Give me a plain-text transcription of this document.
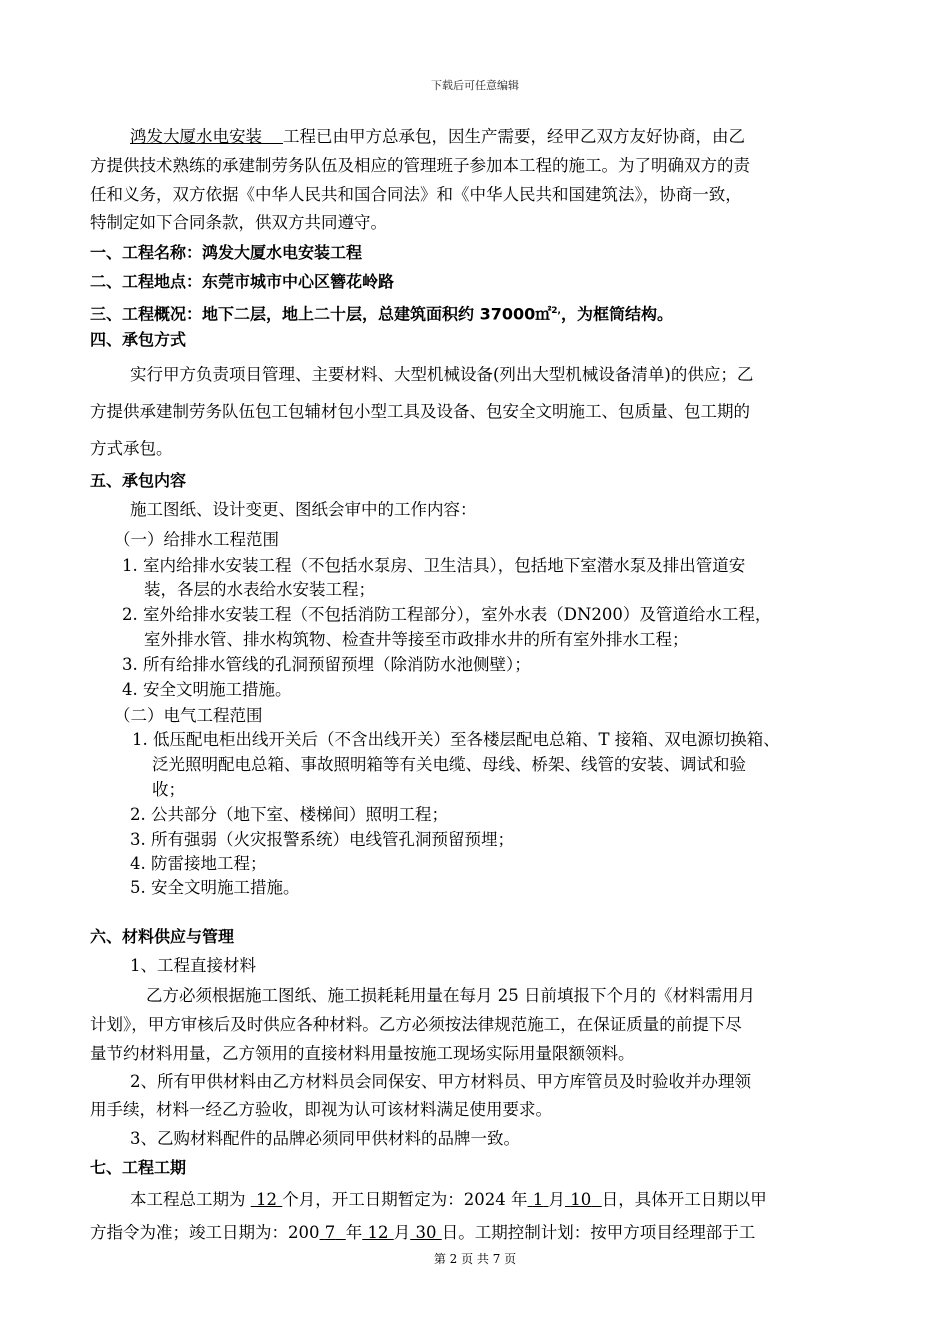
下载后可任意编辑
鸿发大厦水电安装 工程已由甲方总承包，因生产需要，经甲乙双方友好协商，由乙
方提供技术熟练的承建制劳务队伍及相应的管理班子参加本工程的施工。为了明确双方的责
任和义务，双方依据《中华人民共和国合同法》和《中华人民共和国建筑法》，协商一致，
特制定如下合同条款，供双方共同遵守。
一、工程名称：鸿发大厦水电安装工程
二、工程地点：东莞市城市中心区簪花岭路
三、工程概况：地下二层，地上二十层，总建筑面积约 37000㎡$^{2,}$，为框筒结构。
四、承包方式
实行甲方负责项目管理、主要材料、大型机械设备(列出大型机械设备清单)的供应；乙
方提供承建制劳务队伍包工包辅材包小型工具及设备、包安全文明施工、包质量、包工期的
方式承包。
五、承包内容
施工图纸、设计变更、图纸会审中的工作内容：
（一）给排水工程范围
1. 室内给排水安装工程（不包括水泵房、卫生洁具），包括地下室潜水泵及排出管道安
装，各层的水表给水安装工程；
2. 室外给排水安装工程（不包括消防工程部分），室外水表（DN200）及管道给水工程，
室外排水管、排水构筑物、检查井等接至市政排水井的所有室外排水工程；
3. 所有给排水管线的孔洞预留预埋（除消防水池侧壁）；
4. 安全文明施工措施。
（二）电气工程范围
1. 低压配电柜出线开关后（不含出线开关）至各楼层配电总箱、T 接箱、双电源切换箱、
泛光照明配电总箱、事故照明箱等有关电缆、母线、桥架、线管的安装、调试和验
收；
2. 公共部分（地下室、楼梯间）照明工程；
3. 所有强弱（火灾报警系统）电线管孔洞预留预埋；
4. 防雷接地工程；
5. 安全文明施工措施。
六、材料供应与管理
1、工程直接材料
乙方必须根据施工图纸、施工损耗耗用量在每月 25 日前填报下个月的《材料需用月
计划》，甲方审核后及时供应各种材料。乙方必须按法律规范施工，在保证质量的前提下尽
量节约材料用量，乙方领用的直接材料用量按施工现场实际用量限额领料。
2、所有甲供材料由乙方材料员会同保安、甲方材料员、甲方库管员及时验收并办理领
用手续，材料一经乙方验收，即视为认可该材料满足使用要求。
3、乙购材料配件的品牌必须同甲供材料的品牌一致。
七、工程工期
本工程总工期为  12 个月，开工日期暂定为：2024 年 1 月 10 日，具体开工日期以甲
方指令为准；竣工日期为：200 7 年 12 月 30 日。工期控制计划：按甲方项目经理部于工
第 2 页 共 7 页
